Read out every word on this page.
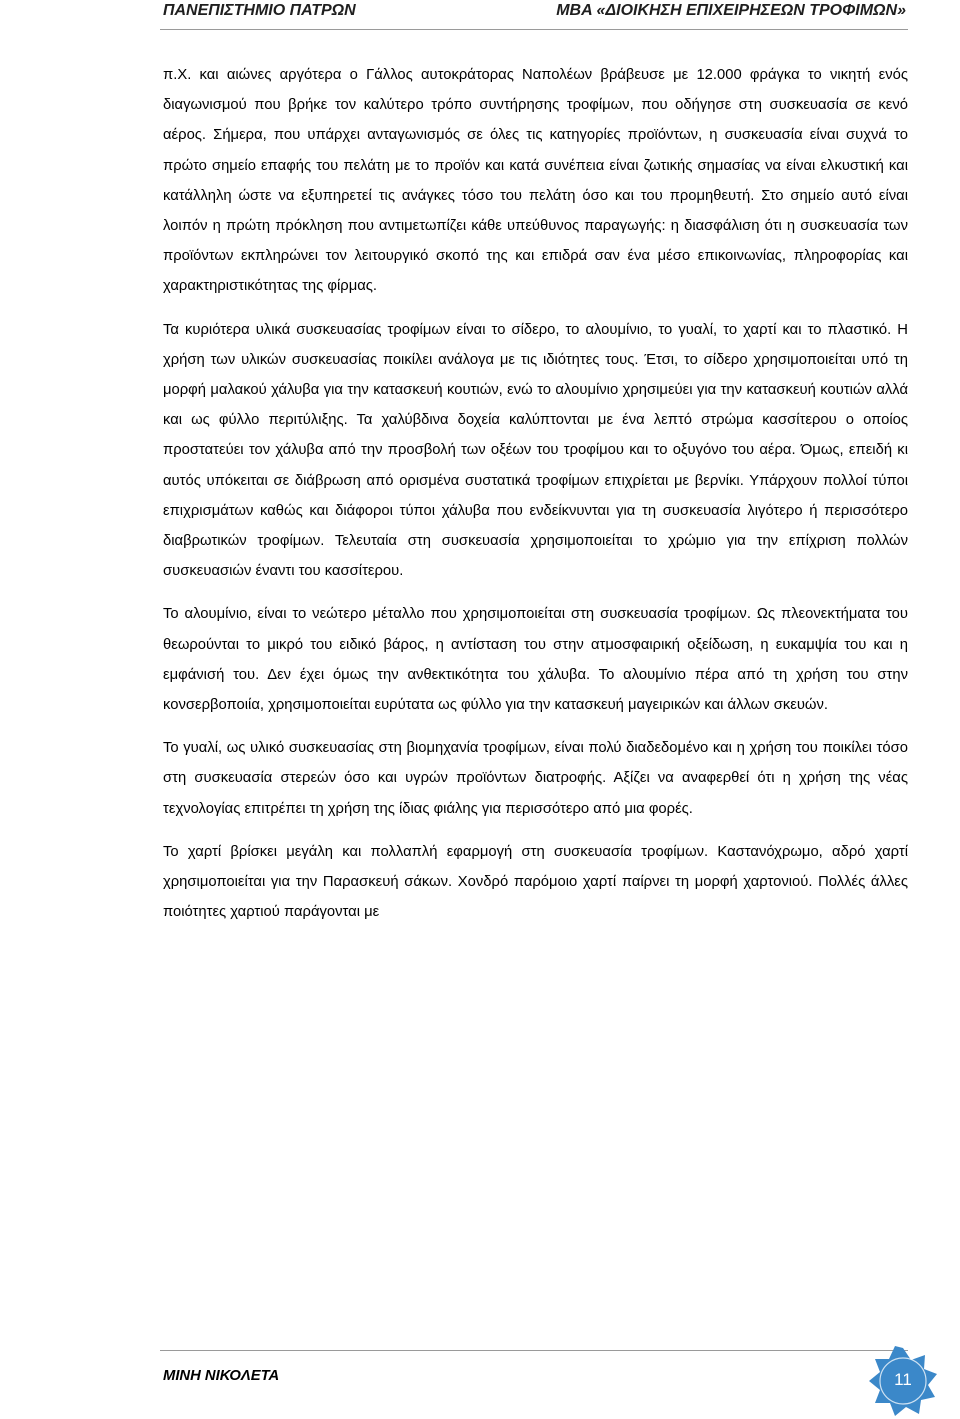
ΠΑΝΕΠΙΣΤΗΜΙΟ ΠΑΤΡΩΝ	MBA «ΔΙΟΙΚΗΣΗ ΕΠΙΧΕΙΡΗΣΕΩΝ ΤΡΟΦΙΜΩΝ»

π.Χ. και αιώνες αργότερα ο Γάλλος αυτοκράτορας Ναπολέων βράβευσε με 12.000 φράγκα το νικητή ενός διαγωνισμού που βρήκε τον καλύτερο τρόπο συντήρησης τροφίμων, που οδήγησε στη συσκευασία σε κενό αέρος. Σήμερα, που υπάρχει ανταγωνισμός σε όλες τις κατηγορίες προϊόντων, η συσκευασία είναι συχνά το πρώτο σημείο επαφής του πελάτη με το προϊόν και κατά συνέπεια είναι ζωτικής σημασίας να είναι ελκυστική και κατάλληλη ώστε να εξυπηρετεί τις ανάγκες τόσο του πελάτη όσο και του προμηθευτή. Στο σημείο αυτό είναι λοιπόν η πρώτη πρόκληση που αντιμετωπίζει κάθε υπεύθυνος παραγωγής: η διασφάλιση ότι η συσκευασία των προϊόντων εκπληρώνει τον λειτουργικό σκοπό της και επιδρά σαν ένα μέσο επικοινωνίας, πληροφορίας και χαρακτηριστικότητας της φίρμας.

Τα κυριότερα υλικά συσκευασίας τροφίμων είναι το σίδερο, το αλουμίνιο, το γυαλί, το χαρτί και το πλαστικό. Η χρήση των υλικών συσκευασίας ποικίλει ανάλογα με τις ιδιότητες τους. Έτσι, το σίδερο χρησιμοποιείται υπό τη μορφή μαλακού χάλυβα για την κατασκευή κουτιών, ενώ το αλουμίνιο χρησιμεύει για την κατασκευή κουτιών αλλά και ως φύλλο περιτύλιξης. Τα χαλύβδινα δοχεία καλύπτονται με ένα λεπτό στρώμα κασσίτερου ο οποίος προστατεύει τον χάλυβα από την προσβολή των οξέων του τροφίμου και το οξυγόνο του αέρα. Όμως, επειδή κι αυτός υπόκειται σε διάβρωση από ορισμένα συστατικά τροφίμων επιχρίεται με βερνίκι. Υπάρχουν πολλοί τύποι επιχρισμάτων καθώς και διάφοροι τύποι χάλυβα που ενδείκνυνται για τη συσκευασία λιγότερο ή περισσότερο διαβρωτικών τροφίμων. Τελευταία στη συσκευασία χρησιμοποιείται το χρώμιο για την επίχριση πολλών συσκευασιών έναντι του κασσίτερου.

Το αλουμίνιο, είναι το νεώτερο μέταλλο που χρησιμοποιείται στη συσκευασία τροφίμων. Ως πλεονεκτήματα του θεωρούνται το μικρό του ειδικό βάρος, η αντίσταση του στην ατμοσφαιρική οξείδωση, η ευκαμψία του και η εμφάνισή του. Δεν έχει όμως την ανθεκτικότητα του χάλυβα. Το αλουμίνιο πέρα από τη χρήση του στην κονσερβοποιία, χρησιμοποιείται ευρύτατα ως φύλλο για την κατασκευή μαγειρικών και άλλων σκευών.

Το γυαλί, ως υλικό συσκευασίας στη βιομηχανία τροφίμων, είναι πολύ διαδεδομένο και η χρήση του ποικίλει τόσο στη συσκευασία στερεών όσο και υγρών προϊόντων διατροφής. Αξίζει να αναφερθεί ότι η χρήση της νέας τεχνολογίας επιτρέπει τη χρήση της ίδιας φιάλης για περισσότερο από μια φορές.

Το χαρτί βρίσκει μεγάλη και πολλαπλή εφαρμογή στη συσκευασία τροφίμων. Καστανόχρωμο, αδρό χαρτί χρησιμοποιείται για την Παρασκευή σάκων. Χονδρό παρόμοιο χαρτί παίρνει τη μορφή χαρτονιού. Πολλές άλλες ποιότητες χαρτιού παράγονται με

ΜΙΝΗ ΝΙΚΟΛΕΤΑ	11
